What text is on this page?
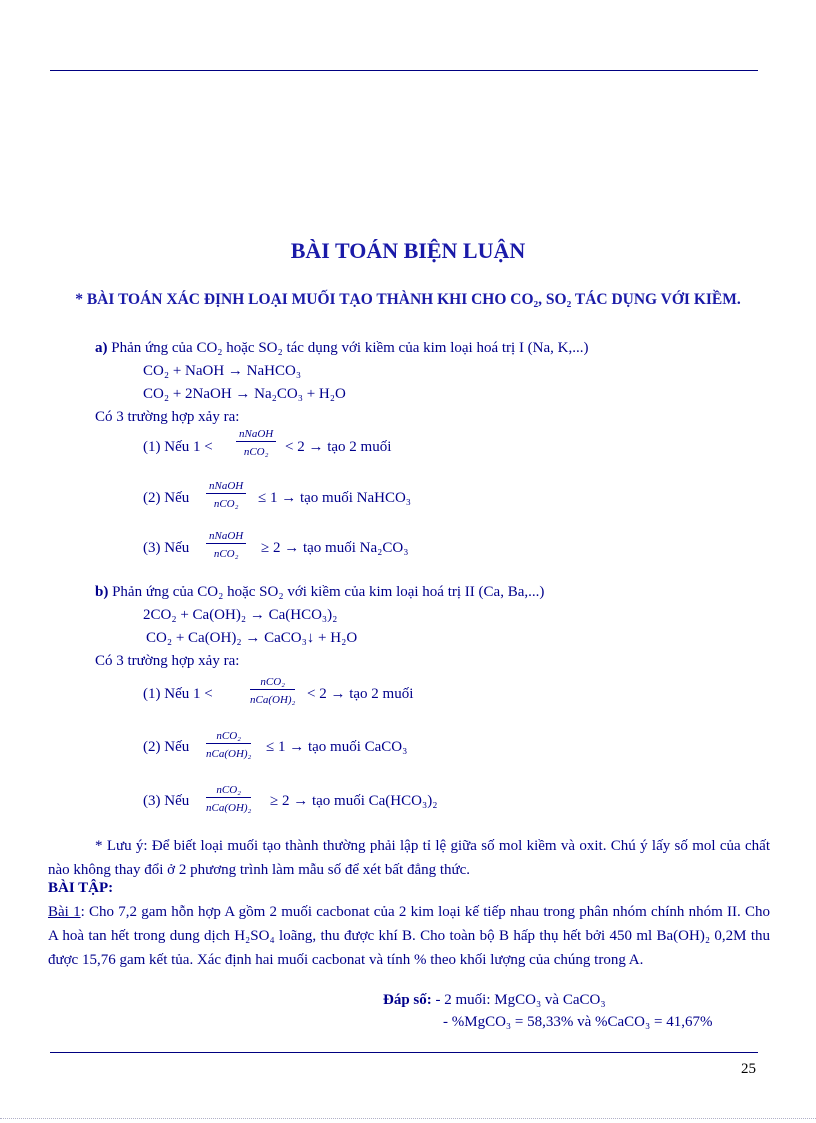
BÀI TOÁN BIỆN LUẬN
* BÀI TOÁN XÁC ĐỊNH LOẠI MUỐI TẠO THÀNH KHI CHO CO₂, SO₂ TÁC DỤNG VỚI KIỀM.
a) Phản ứng của CO₂ hoặc SO₂ tác dụng với kiềm của kim loại hoá trị I (Na, K,...)
CO₂ + NaOH → NaHCO₃
CO₂ + 2NaOH → Na₂CO₃ + H₂O
Có 3 trường hợp xảy ra:
(1) Nếu 1 <
nNaOH
nCO₂	< 2 → tạo 2 muối
(2) Nếu
nNaOH
nCO₂	≤ 1 → tạo muối NaHCO₃
(3) Nếu
nNaOH
nCO₂	≥ 2 → tạo muối Na₂CO₃
b) Phản ứng của CO₂ hoặc SO₂ với kiềm của kim loại hoá trị II (Ca, Ba,...)
2CO₂ + Ca(OH)₂ → Ca(HCO₃)₂
CO₂ + Ca(OH)₂ → CaCO₃↓ + H₂O
Có 3 trường hợp xảy ra:
(1) Nếu 1 <
nCO₂
nCa(OH)₂ < 2 → tạo 2 muối
(2) Nếu
nCO₂
nCa(OH)₂ ≤ 1 → tạo muối CaCO₃
(3) Nếu
nCO₂
nCa(OH)₂ ≥ 2 → tạo muối Ca(HCO₃)₂
* Lưu ý: Để biết loại muối tạo thành thường phải lập tỉ lệ giữa số mol kiềm và oxit. Chú ý lấy số mol của chất nào không thay đổi ở 2 phương trình làm mẫu số để xét bất đẳng thức.
BÀI TẬP:
Bài 1: Cho 7,2 gam hỗn hợp A gồm 2 muối cacbonat của 2 kim loại kế tiếp nhau trong phân nhóm chính nhóm II. Cho A hoà tan hết trong dung dịch H₂SO₄ loãng, thu được khí B. Cho toàn bộ B hấp thụ hết bởi 450 ml Ba(OH)₂ 0,2M thu được 15,76 gam kết tủa. Xác định hai muối cacbonat và tính % theo khối lượng của chúng trong A.
Đáp số: - 2 muối: MgCO₃ và CaCO₃
- %MgCO₃ = 58,33% và %CaCO₃ = 41,67%
25
